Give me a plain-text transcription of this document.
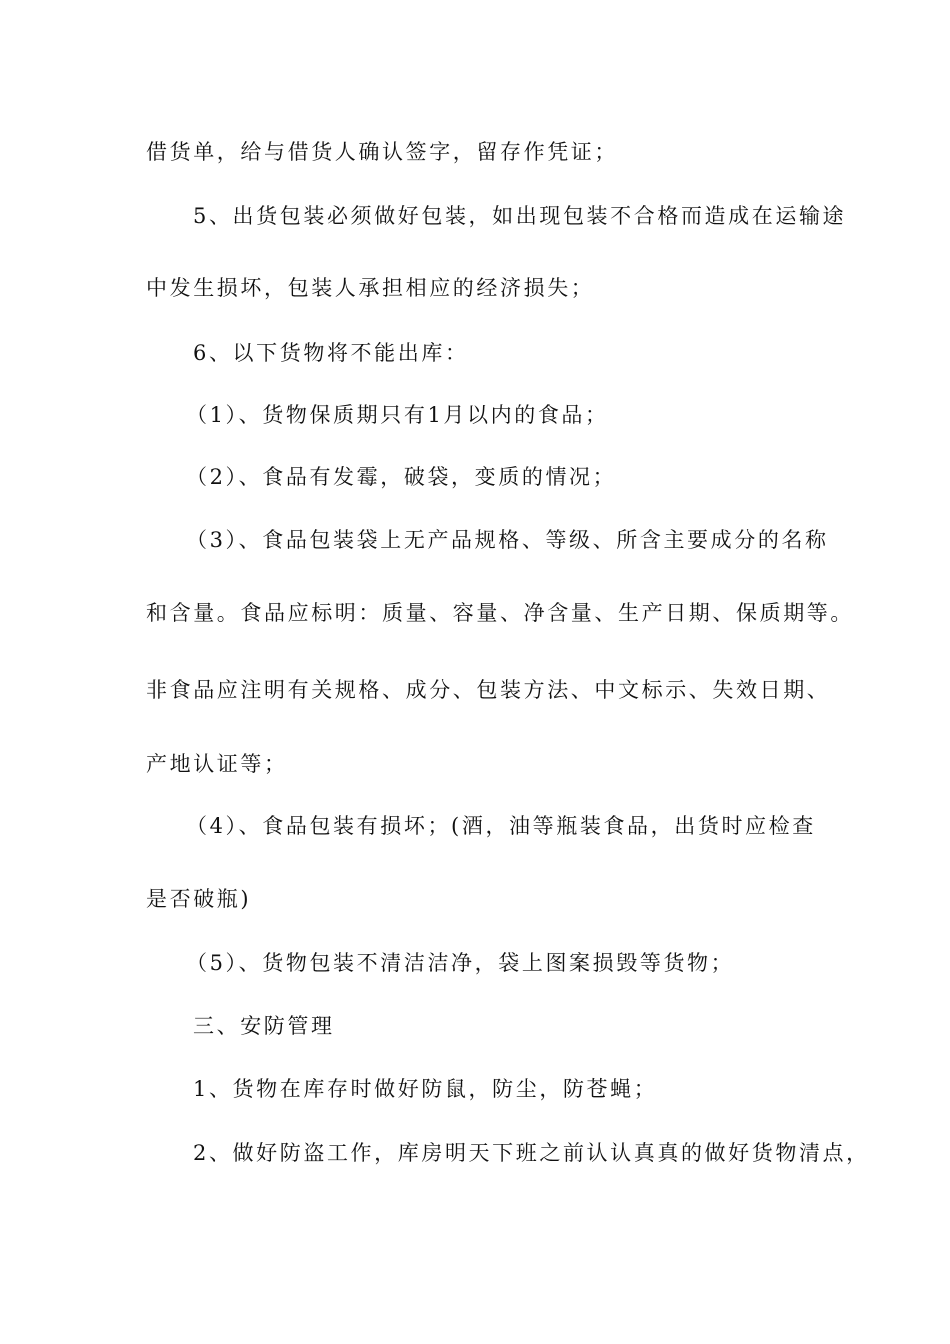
借货单，给与借货人确认签字，留存作凭证；
5、出货包装必须做好包装，如出现包装不合格而造成在运输途
中发生损坏，包装人承担相应的经济损失；
6、以下货物将不能出库：
（1）、货物保质期只有1月以内的食品；
（2）、食品有发霉，破袋，变质的情况；
（3）、食品包装袋上无产品规格、等级、所含主要成分的名称
和含量。食品应标明：质量、容量、净含量、生产日期、保质期等。
非食品应注明有关规格、成分、包装方法、中文标示、失效日期、
产地认证等；
（4）、食品包装有损坏；(酒，油等瓶装食品，出货时应检查
是否破瓶)
（5）、货物包装不清洁洁净，袋上图案损毁等货物；
三、安防管理
1、货物在库存时做好防鼠，防尘，防苍蝇；
2、做好防盗工作，库房明天下班之前认认真真的做好货物清点，
